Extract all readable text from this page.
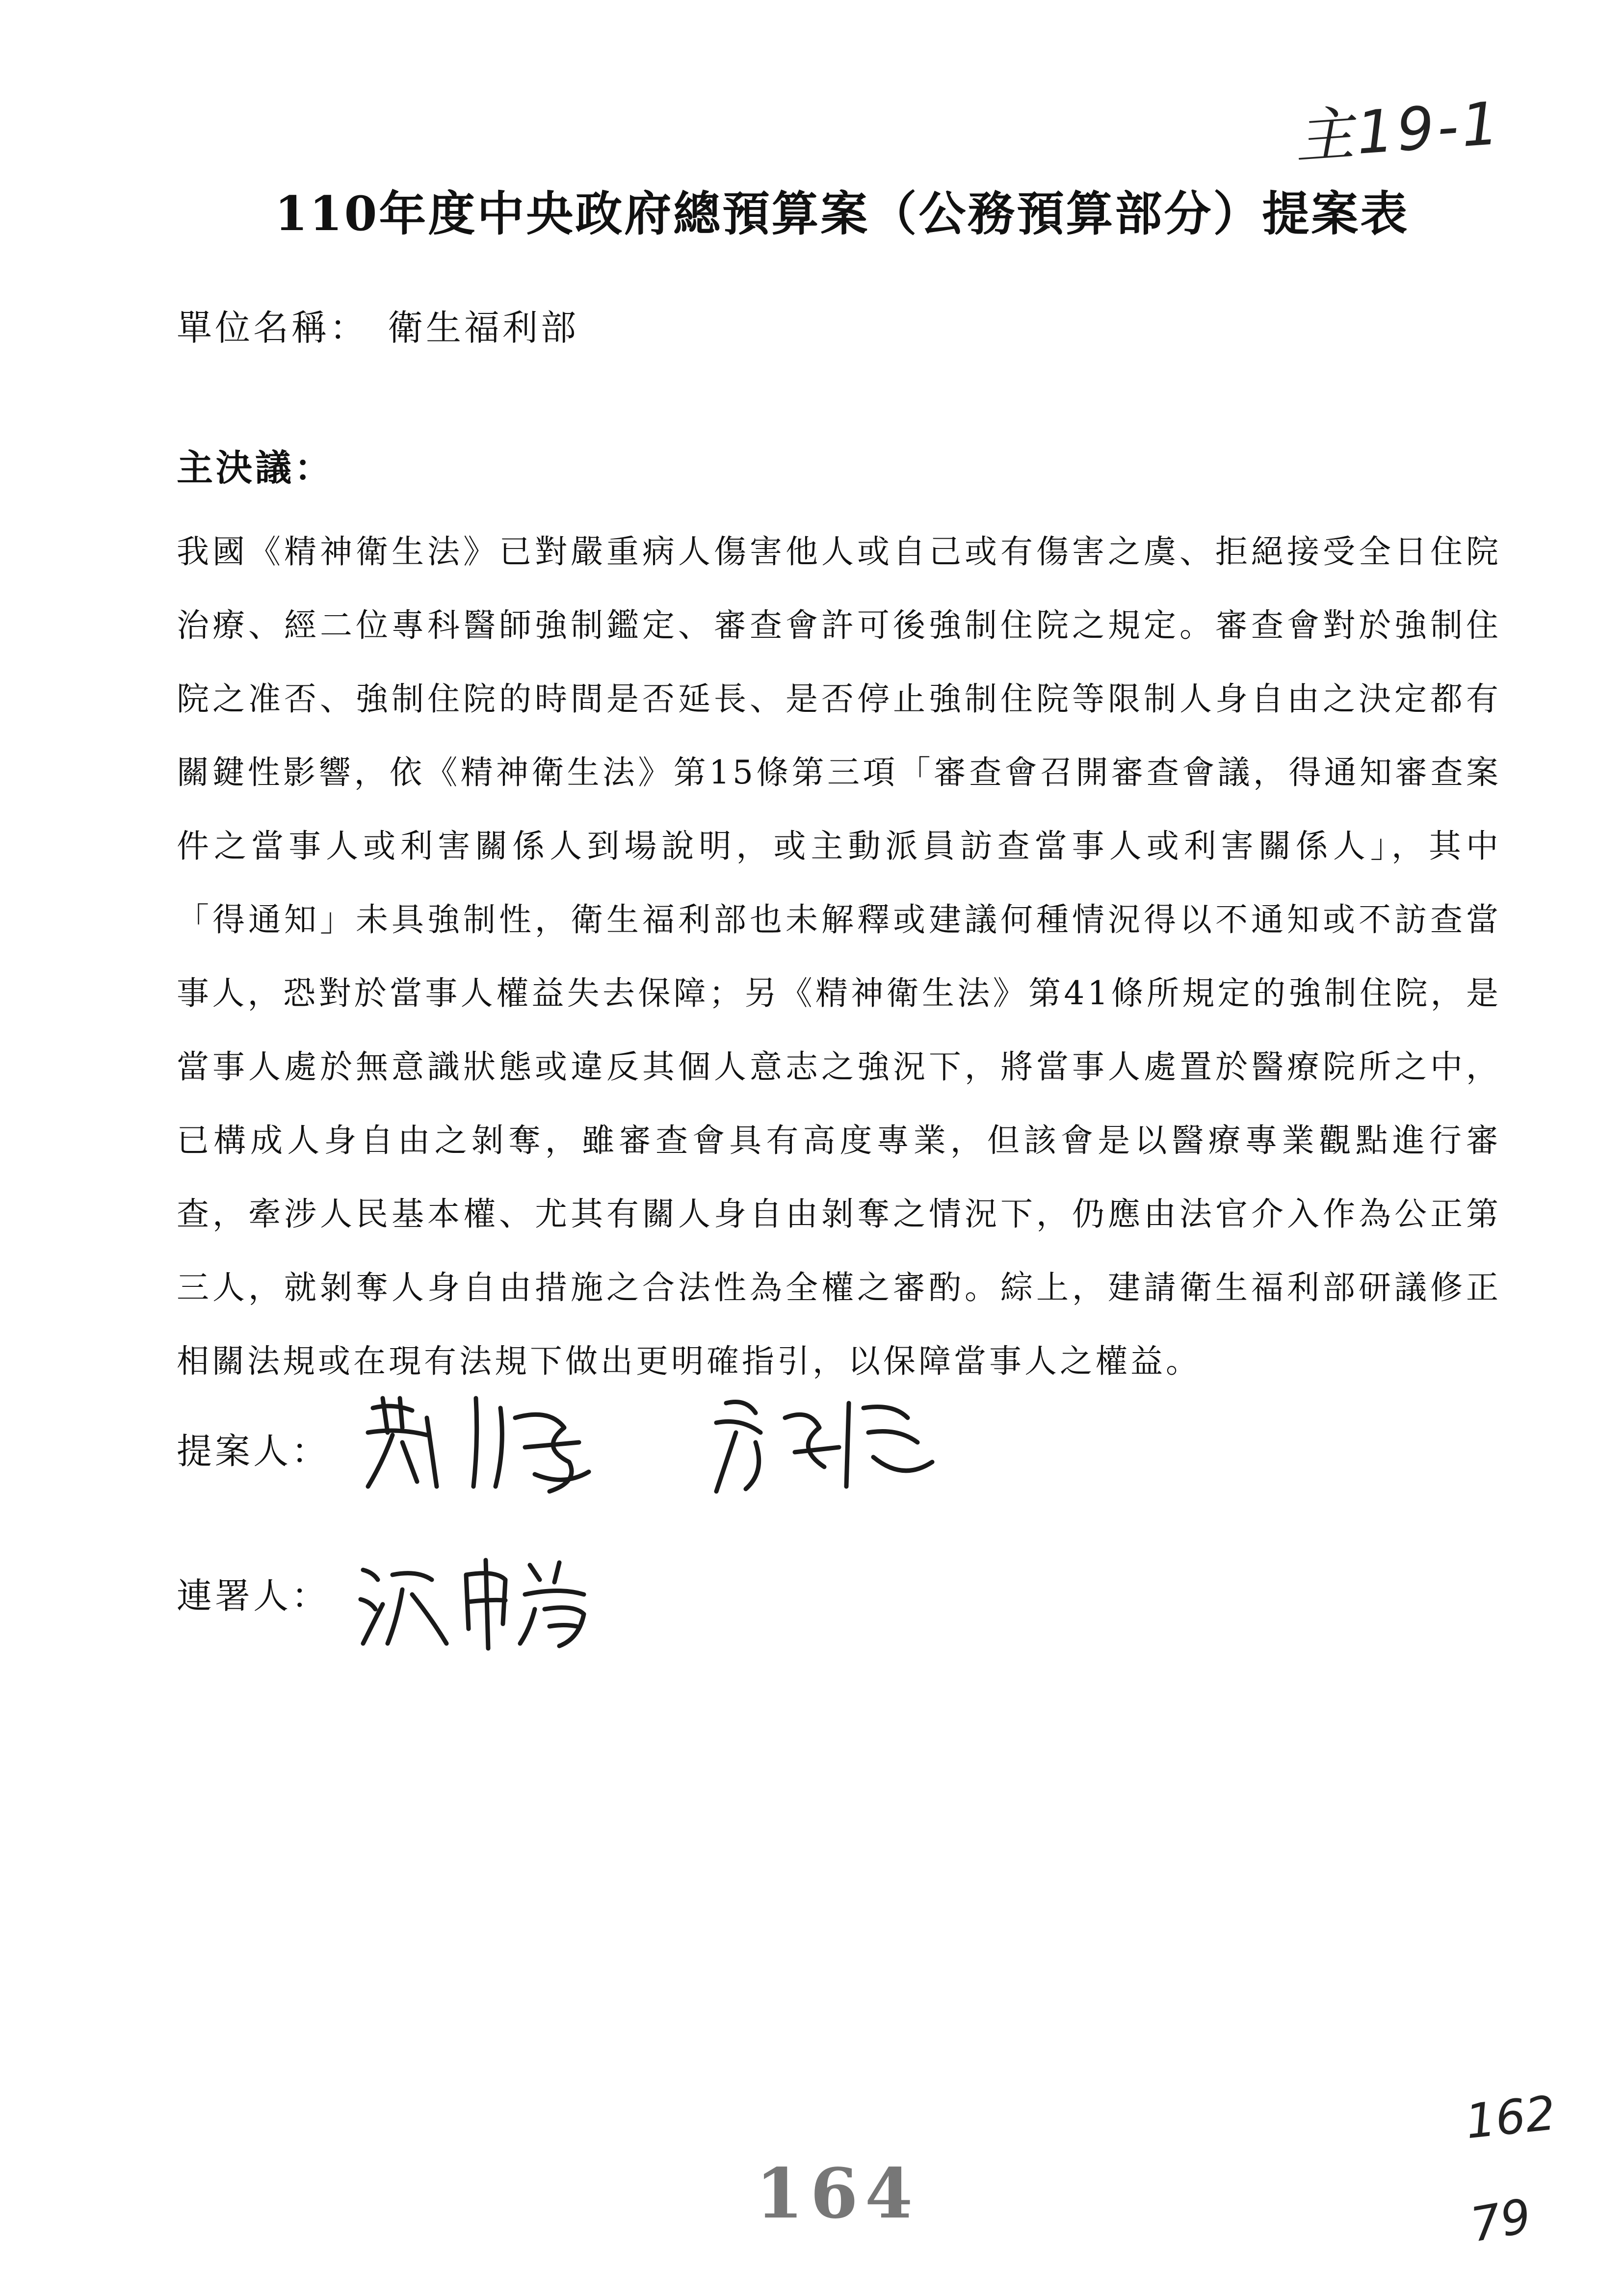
主19-1
110年度中央政府總預算案（公務預算部分）提案表
單位名稱： 衛生福利部
主決議：
我國《精神衛生法》已對嚴重病人傷害他人或自己或有傷害之虞、拒絕接受全日住院治療、經二位專科醫師強制鑑定、審查會許可後強制住院之規定。審查會對於強制住院之准否、強制住院的時間是否延長、是否停止強制住院等限制人身自由之決定都有關鍵性影響，依《精神衛生法》第15條第三項「審查會召開審查會議，得通知審查案件之當事人或利害關係人到場說明，或主動派員訪查當事人或利害關係人」，其中「得通知」未具強制性，衛生福利部也未解釋或建議何種情況得以不通知或不訪查當事人，恐對於當事人權益失去保障；另《精神衛生法》第41條所規定的強制住院，是當事人處於無意識狀態或違反其個人意志之強況下，將當事人處置於醫療院所之中，已構成人身自由之剝奪，雖審查會具有高度專業，但該會是以醫療專業觀點進行審查，牽涉人民基本權、尤其有關人身自由剝奪之情況下，仍應由法官介入作為公正第三人，就剝奪人身自由措施之合法性為全權之審酌。綜上，建請衛生福利部研議修正相關法規或在現有法規下做出更明確指引，以保障當事人之權益。
提案人：
連署人：
164
162
79
